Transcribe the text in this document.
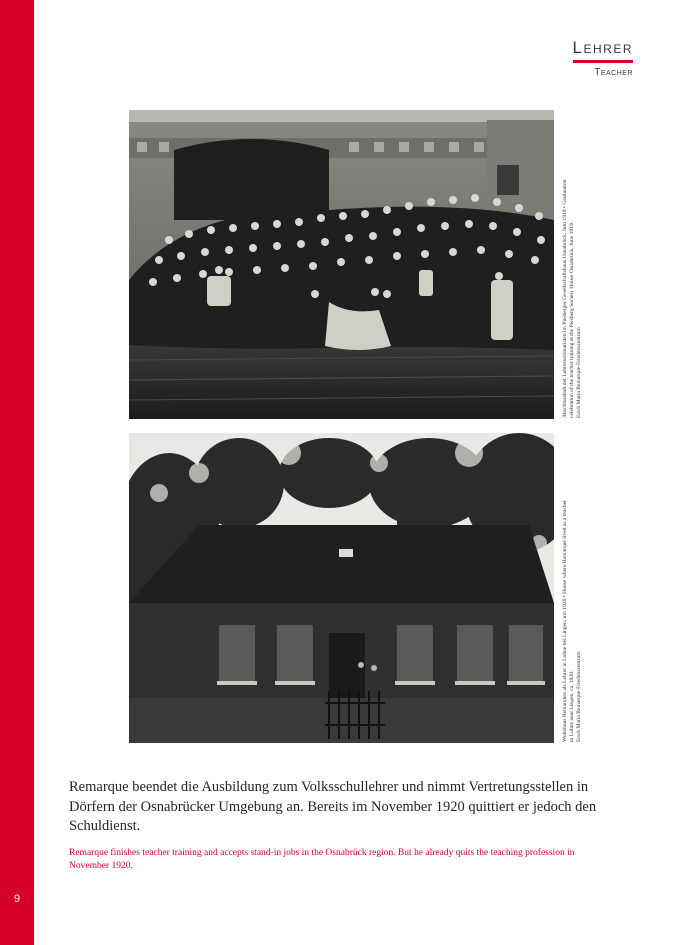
9
Lehrer
Teacher
Abschlussball der Lehrerseminaristen im Piesberger Gesellschaftshaus Osnabrück, Juni 1919 • Graduation celebration of the teacher training at the Piesberg Society House Osnabrück, June 1919. Erich Maria Remarque-Friedenszentrum
Wohnhaus Remarques als Lehrer in Lohne bei Lingen, um 1920 • House where Remarque lived as a teacher in Lohne near Lingen, ca. 1920. Erich Maria Remarque-Friedenszentrum
Remarque beendet die Ausbildung zum Volksschullehrer und nimmt Vertretungsstellen in Dörfern der Osnabrücker Umgebung an. Bereits im November 1920 quittiert er jedoch den Schuldienst.
Remarque finishes teacher training and accepts stand-in jobs in the Osnabrück region. But he already quits the teaching profession in November 1920.
